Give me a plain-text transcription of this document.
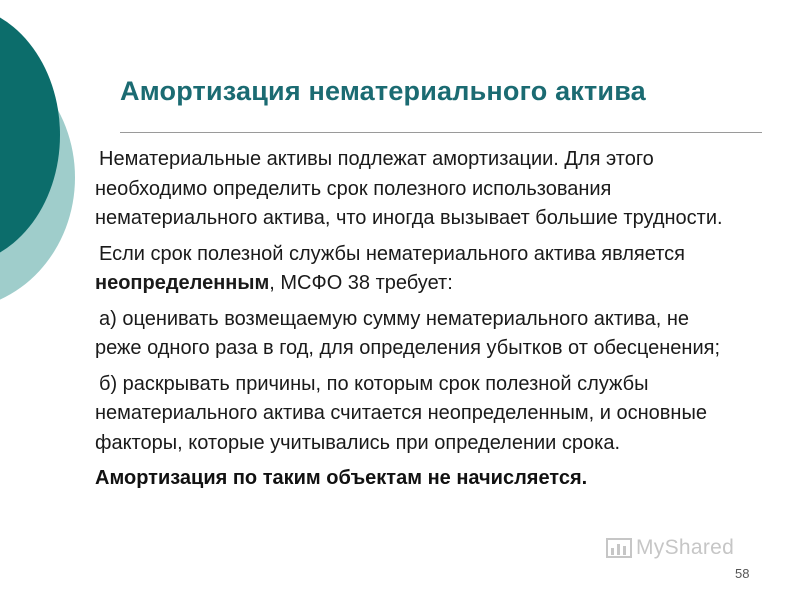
Амортизация нематериального актива

Нематериальные активы подлежат амортизации. Для этого необходимо определить срок полезного использования нематериального актива, что иногда вызывает большие трудности.

Если срок полезной службы нематериального актива является неопределенным, МСФО 38 требует:

а) оценивать возмещаемую сумму нематериального актива, не реже одного раза в год, для определения убытков от обесценения;

б) раскрывать причины, по которым срок полезной службы нематериального актива считается неопределенным, и основные факторы, которые учитывались при определении срока.

Амортизация по таким объектам не начисляется.

MyShared
58
